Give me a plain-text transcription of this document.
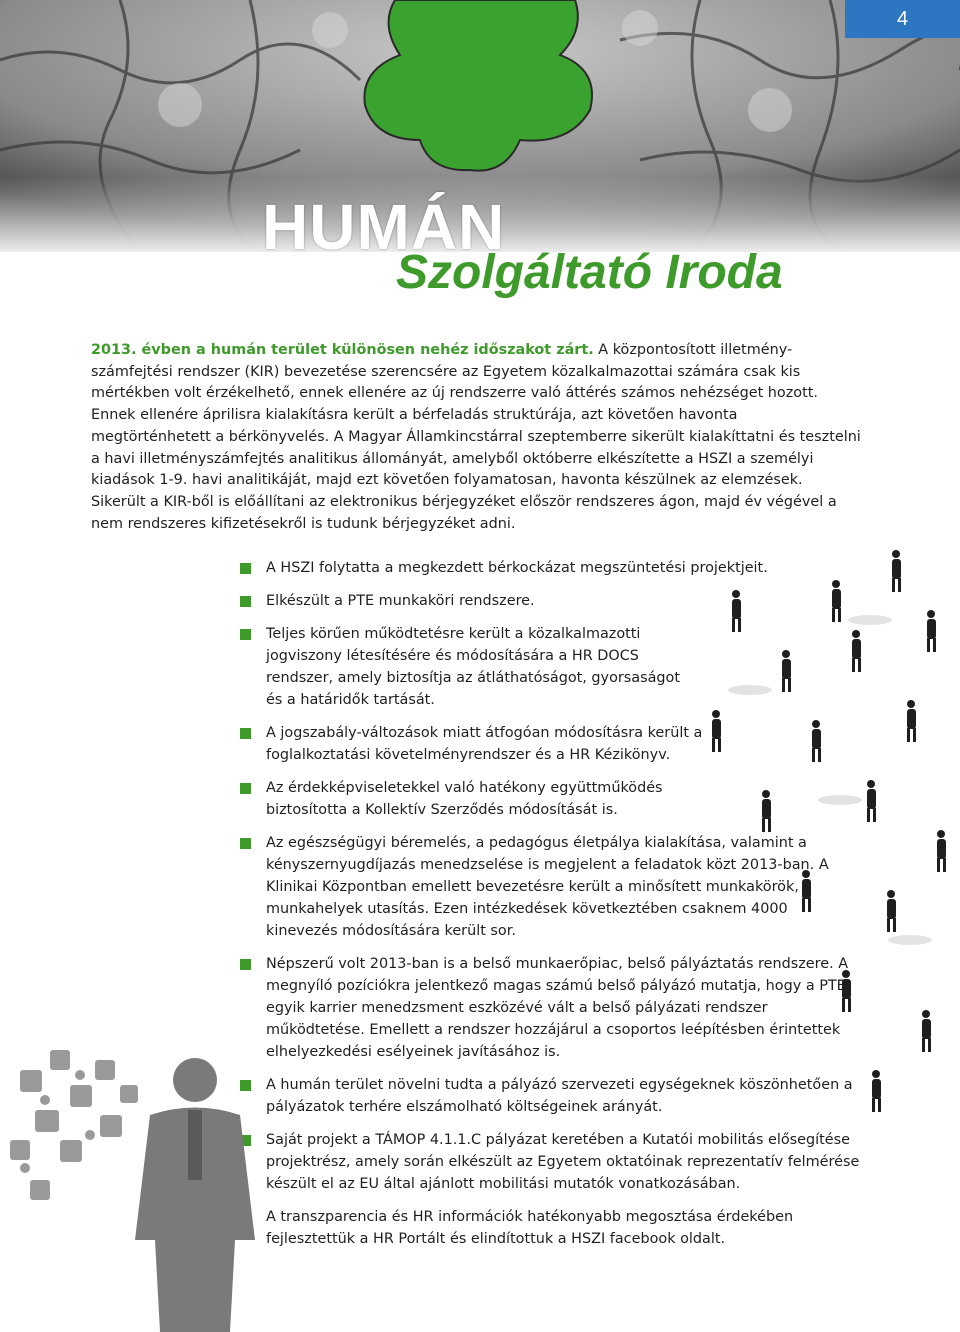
4
HUMÁN
Szolgáltató Iroda

2013. évben a humán terület különösen nehéz időszakot zárt. A központosított illetmény-számfejtési rendszer (KIR) bevezetése szerencsére az Egyetem közalkalmazottai számára csak kis mértékben volt érzékelhető, ennek ellenére az új rendszerre való áttérés számos nehézséget hozott. Ennek ellenére áprilisra kialakításra került a bérfeladás struktúrája, azt követően havonta megtörténhetett a bérkönyvelés. A Magyar Államkincstárral szeptemberre sikerült kialakíttatni és tesztelni a havi illetményszámfejtés analitikus állományát, amelyből októberre elkészítette a HSZI a személyi kiadások 1-9. havi analitikáját, majd ezt követően folyamatosan, havonta készülnek az elemzések.

Sikerült a KIR-ből is előállítani az elektronikus bérjegyzéket először rendszeres ágon, majd év végével a nem rendszeres kifizetésekről is tudunk bérjegyzéket adni.

A HSZI folytatta a megkezdett bérkockázat megszüntetési projektjeit.
Elkészült a PTE munkaköri rendszere.
Teljes körűen működtetésre került a közalkalmazotti jogviszony létesítésére és módosítására a HR DOCS rendszer, amely biztosítja az átláthatóságot, gyorsaságot és a határidők tartását.
A jogszabály-változások miatt átfogóan módosításra került a foglalkoztatási követelményrendszer és a HR Kézikönyv.
Az érdekképviseletekkel való hatékony együttműködés biztosította a Kollektív Szerződés módosítását is.
Az egészségügyi béremelés, a pedagógus életpálya kialakítása, valamint a kényszernyugdíjazás menedzselése is megjelent a feladatok közt 2013-ban. A Klinikai Központban emellett bevezetésre került a minősített munkakörök, munkahelyek utasítás. Ezen intézkedések következtében csaknem 4000 kinevezés módosítására került sor.
Népszerű volt 2013-ban is a belső munkaerőpiac, belső pályáztatás rendszere. A megnyíló pozíciókra jelentkező magas számú belső pályázó mutatja, hogy a PTE egyik karrier menedzsment eszközévé vált a belső pályázati rendszer működtetése. Emellett a rendszer hozzájárul a csoportos leépítésben érintettek elhelyezkedési esélyeinek javításához is.
A humán terület növelni tudta a pályázó szervezeti egységeknek köszönhetően a pályázatok terhére elszámolható költségeinek arányát.
Saját projekt a TÁMOP 4.1.1.C pályázat keretében a Kutatói mobilitás elősegítése projektrész, amely során elkészült az Egyetem oktatóinak reprezentatív felmérése készült el az EU által ajánlott mobilitási mutatók vonatkozásában.
A transzparencia és HR információk hatékonyabb megosztása érdekében fejlesztettük a HR Portált és elindítottuk a HSZI facebook oldalt.
